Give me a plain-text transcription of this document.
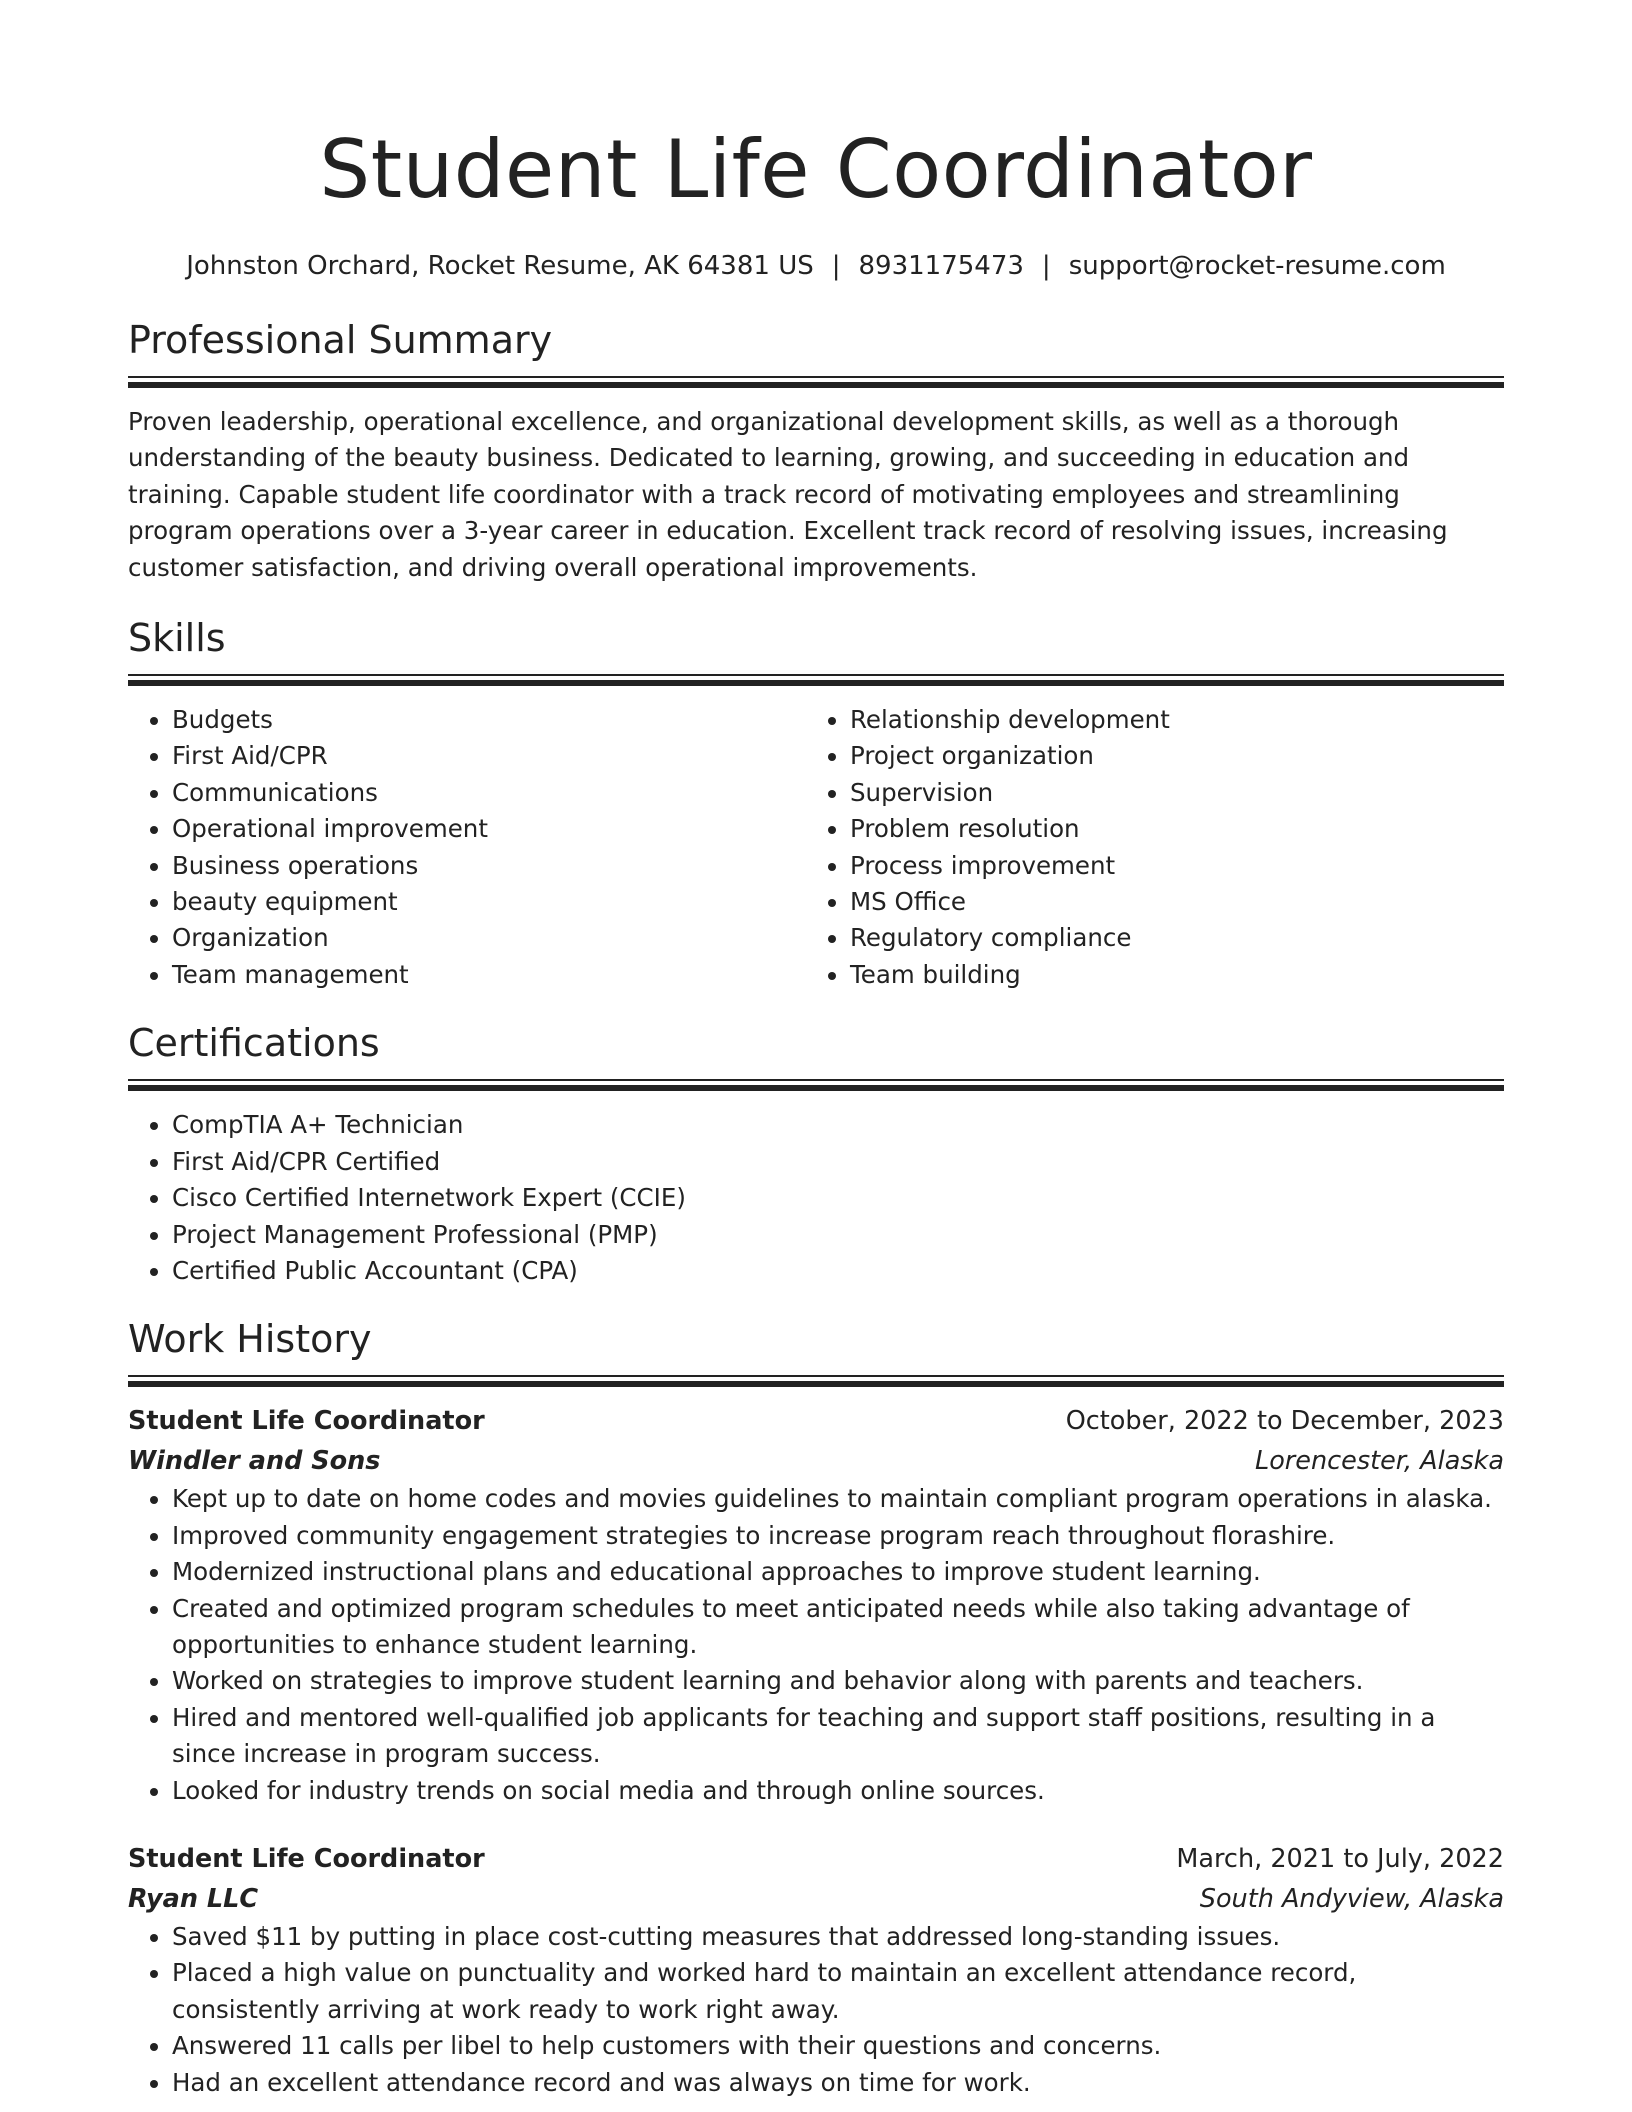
Student Life Coordinator
Johnston Orchard, Rocket Resume, AK 64381 US | 8931175473 | support@rocket-resume.com
Professional Summary

Proven leadership, operational excellence, and organizational development skills, as well as a thorough understanding of the beauty business. Dedicated to learning, growing, and succeeding in education and training. Capable student life coordinator with a track record of motivating employees and streamlining program operations over a 3-year career in education. Excellent track record of resolving issues, increasing customer satisfaction, and driving overall operational improvements.

Skills
• Budgets
• First Aid/CPR
• Communications
• Operational improvement
• Business operations
• beauty equipment
• Organization
• Team management
• Relationship development
• Project organization
• Supervision
• Problem resolution
• Process improvement
• MS Office
• Regulatory compliance
• Team building
Certifications
• CompTIA A+ Technician
• First Aid/CPR Certified
• Cisco Certified Internetwork Expert (CCIE)
• Project Management Professional (PMP)
• Certified Public Accountant (CPA)
Work History
Student Life Coordinator	October, 2022 to December, 2023
Windler and Sons	Lorencester, Alaska
• Kept up to date on home codes and movies guidelines to maintain compliant program operations in alaska.
• Improved community engagement strategies to increase program reach throughout florashire.
• Modernized instructional plans and educational approaches to improve student learning.
• Created and optimized program schedules to meet anticipated needs while also taking advantage of opportunities to enhance student learning.
• Worked on strategies to improve student learning and behavior along with parents and teachers.
• Hired and mentored well-qualified job applicants for teaching and support staff positions, resulting in a since increase in program success.
• Looked for industry trends on social media and through online sources.
Student Life Coordinator	March, 2021 to July, 2022
Ryan LLC	South Andyview, Alaska
• Saved $11 by putting in place cost-cutting measures that addressed long-standing issues.
• Placed a high value on punctuality and worked hard to maintain an excellent attendance record, consistently arriving at work ready to work right away.
• Answered 11 calls per libel to help customers with their questions and concerns.
• Had an excellent attendance record and was always on time for work.
